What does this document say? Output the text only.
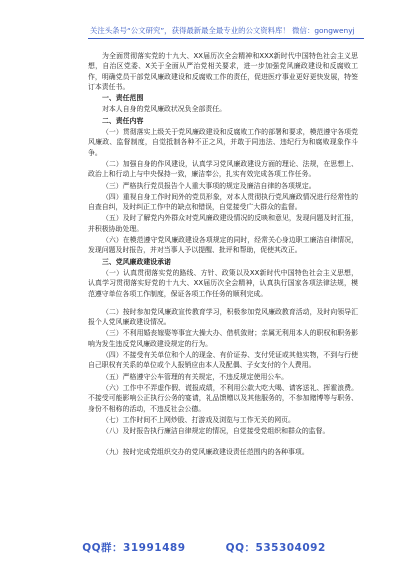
关注头条号“公文研究”，获得最新最全最专业的公文资料库！ 微信：gongwenyj

为全面贯彻落实党的十九大、XX届历次全会精神和XXX新时代中国特色社会主义思想，自治区党委、X关于全面从严治党相关要求，进一步加强党风廉政建设和反腐败工作，明确党员干部党风廉政建设和反腐败工作的责任，促进医疗事业更好更快发展，特签订本责任书。

一、责任范围

对本人自身的党风廉政状况负全部责任。

二、责任内容

（一）贯彻落实上级关于党风廉政建设和反腐败工作的部署和要求，模范遵守各项党风廉政、监督制度，自觉抵制各种不正之风，并敢于同违法、违纪行为和腐败现象作斗争。

（二）加强自身的作风建设，认真学习党风廉政建设方面的理论、法规，在思想上、政治上和行动上与中央保持一致，廉洁奉公，扎实有效完成各项工作任务。

（三）严格执行党员报告个人重大事项的规定及廉洁自律的各项规定。

（四）重视自身工作时间外的党员形象，对本人贯彻执行党风廉政情况进行经常性的自查自纠，及时纠正工作中的缺点和错误，自觉接受广大群众的监督。

（五）及时了解党内外群众对党风廉政建设情况的反映和意见，发现问题及时汇报，并积极协助处理。

（六）在模范遵守党风廉政建设各项规定的同时，经常关心身边职工廉洁自律情况，发现问题及时报告，并对当事人予以提醒、批评和帮助，促使其改正。

三、党风廉政建设承诺

（一）认真贯彻落实党的路线、方针、政策以及XX新时代中国特色社会主义思想，认真学习贯彻落实好党的十九大、XX届历次全会精神，认真执行国家各项法律法规，模范遵守单位各项工作制度，保证各项工作任务的顺利完成。

（二）按时参加党风廉政宣传教育学习，积极参加党风廉政教育活动，及时向领导汇报个人党风廉政建设情况。

（三）不利用婚丧嫁娶等事宜大操大办、借机敛财；亲属无利用本人的职权和职务影响为发生违反党风廉政建设规定的行为。

（四）不接受有关单位和个人的现金、有价证券、支付凭证或其他实物，不到与行使自己职权有关系的单位或个人报销应由本人及配偶、子女支付的个人费用。

（五）严格遵守公车管理的有关规定，不违反规定使用公车。

（六）工作中不弄虚作假、谎报成绩，不利用公款大吃大喝、请客送礼、挥霍浪费。不接受可能影响公正执行公务的宴请，礼品馈赠以及其他服务的，不参加赌博等与职务、身份不相称的活动，不违反社会公德。

（七）工作时间不上网炒股、打游戏及浏览与工作无关的网页。

（八）及时报告执行廉洁自律规定的情况，自觉接受党组织和群众的监督。

（九）按时完成党组织交办的党风廉政建设责任范围内的各种事项。

QQ群：31991489	QQ：535304092
